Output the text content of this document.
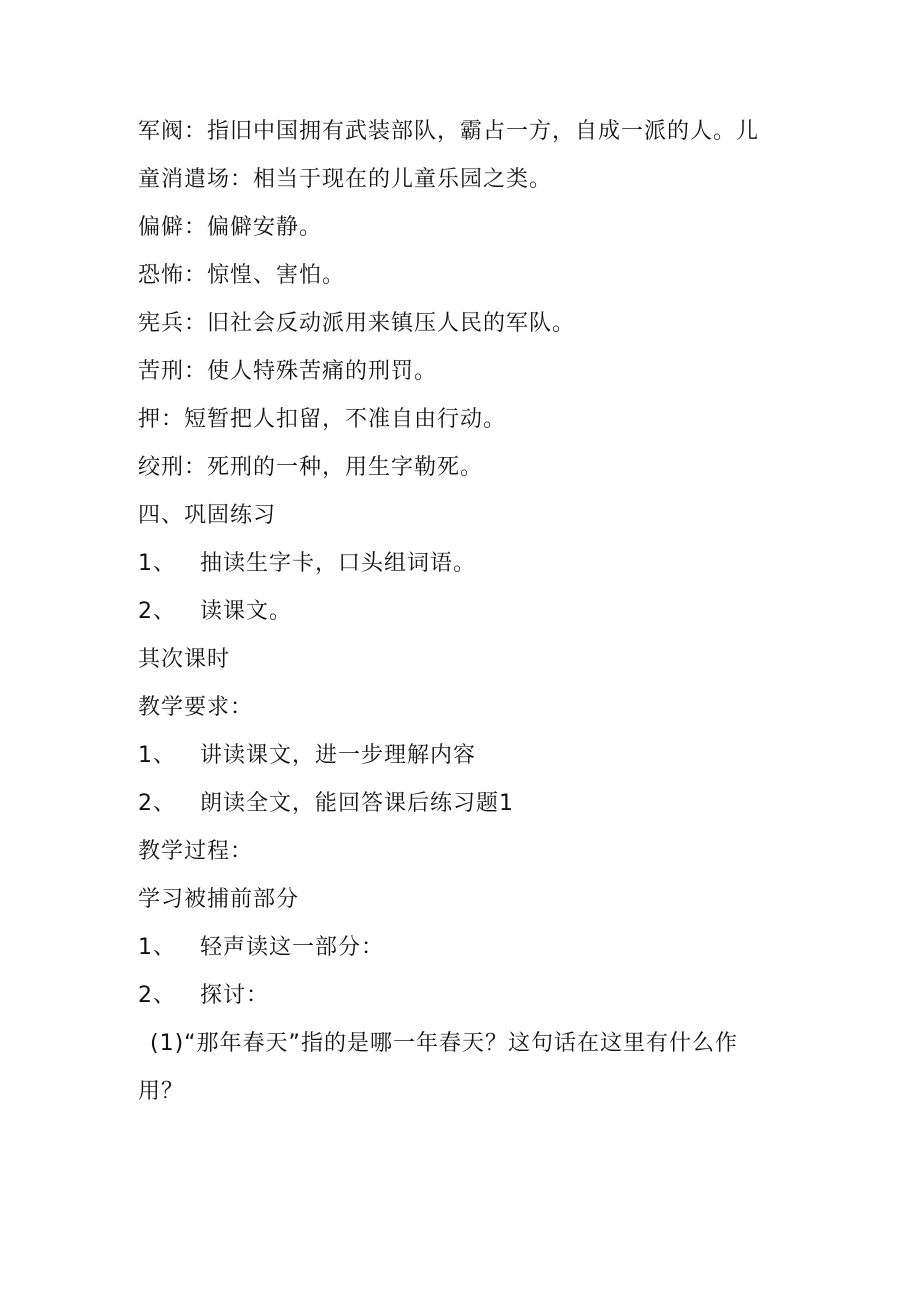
军阀：指旧中国拥有武装部队，霸占一方，自成一派的人。儿
童消遣场：相当于现在的儿童乐园之类。
偏僻：偏僻安静。
恐怖：惊惶、害怕。
宪兵：旧社会反动派用来镇压人民的军队。
苦刑：使人特殊苦痛的刑罚。
押：短暂把人扣留，不准自由行动。
绞刑：死刑的一种，用生字勒死。
四、巩固练习
1、 抽读生字卡，口头组词语。
2、 读课文。
其次课时
教学要求：
1、 讲读课文，进一步理解内容
2、 朗读全文，能回答课后练习题1
教学过程：
学习被捕前部分
1、 轻声读这一部分：
2、 探讨：
(1)“那年春天”指的是哪一年春天？这句话在这里有什么作
用？
